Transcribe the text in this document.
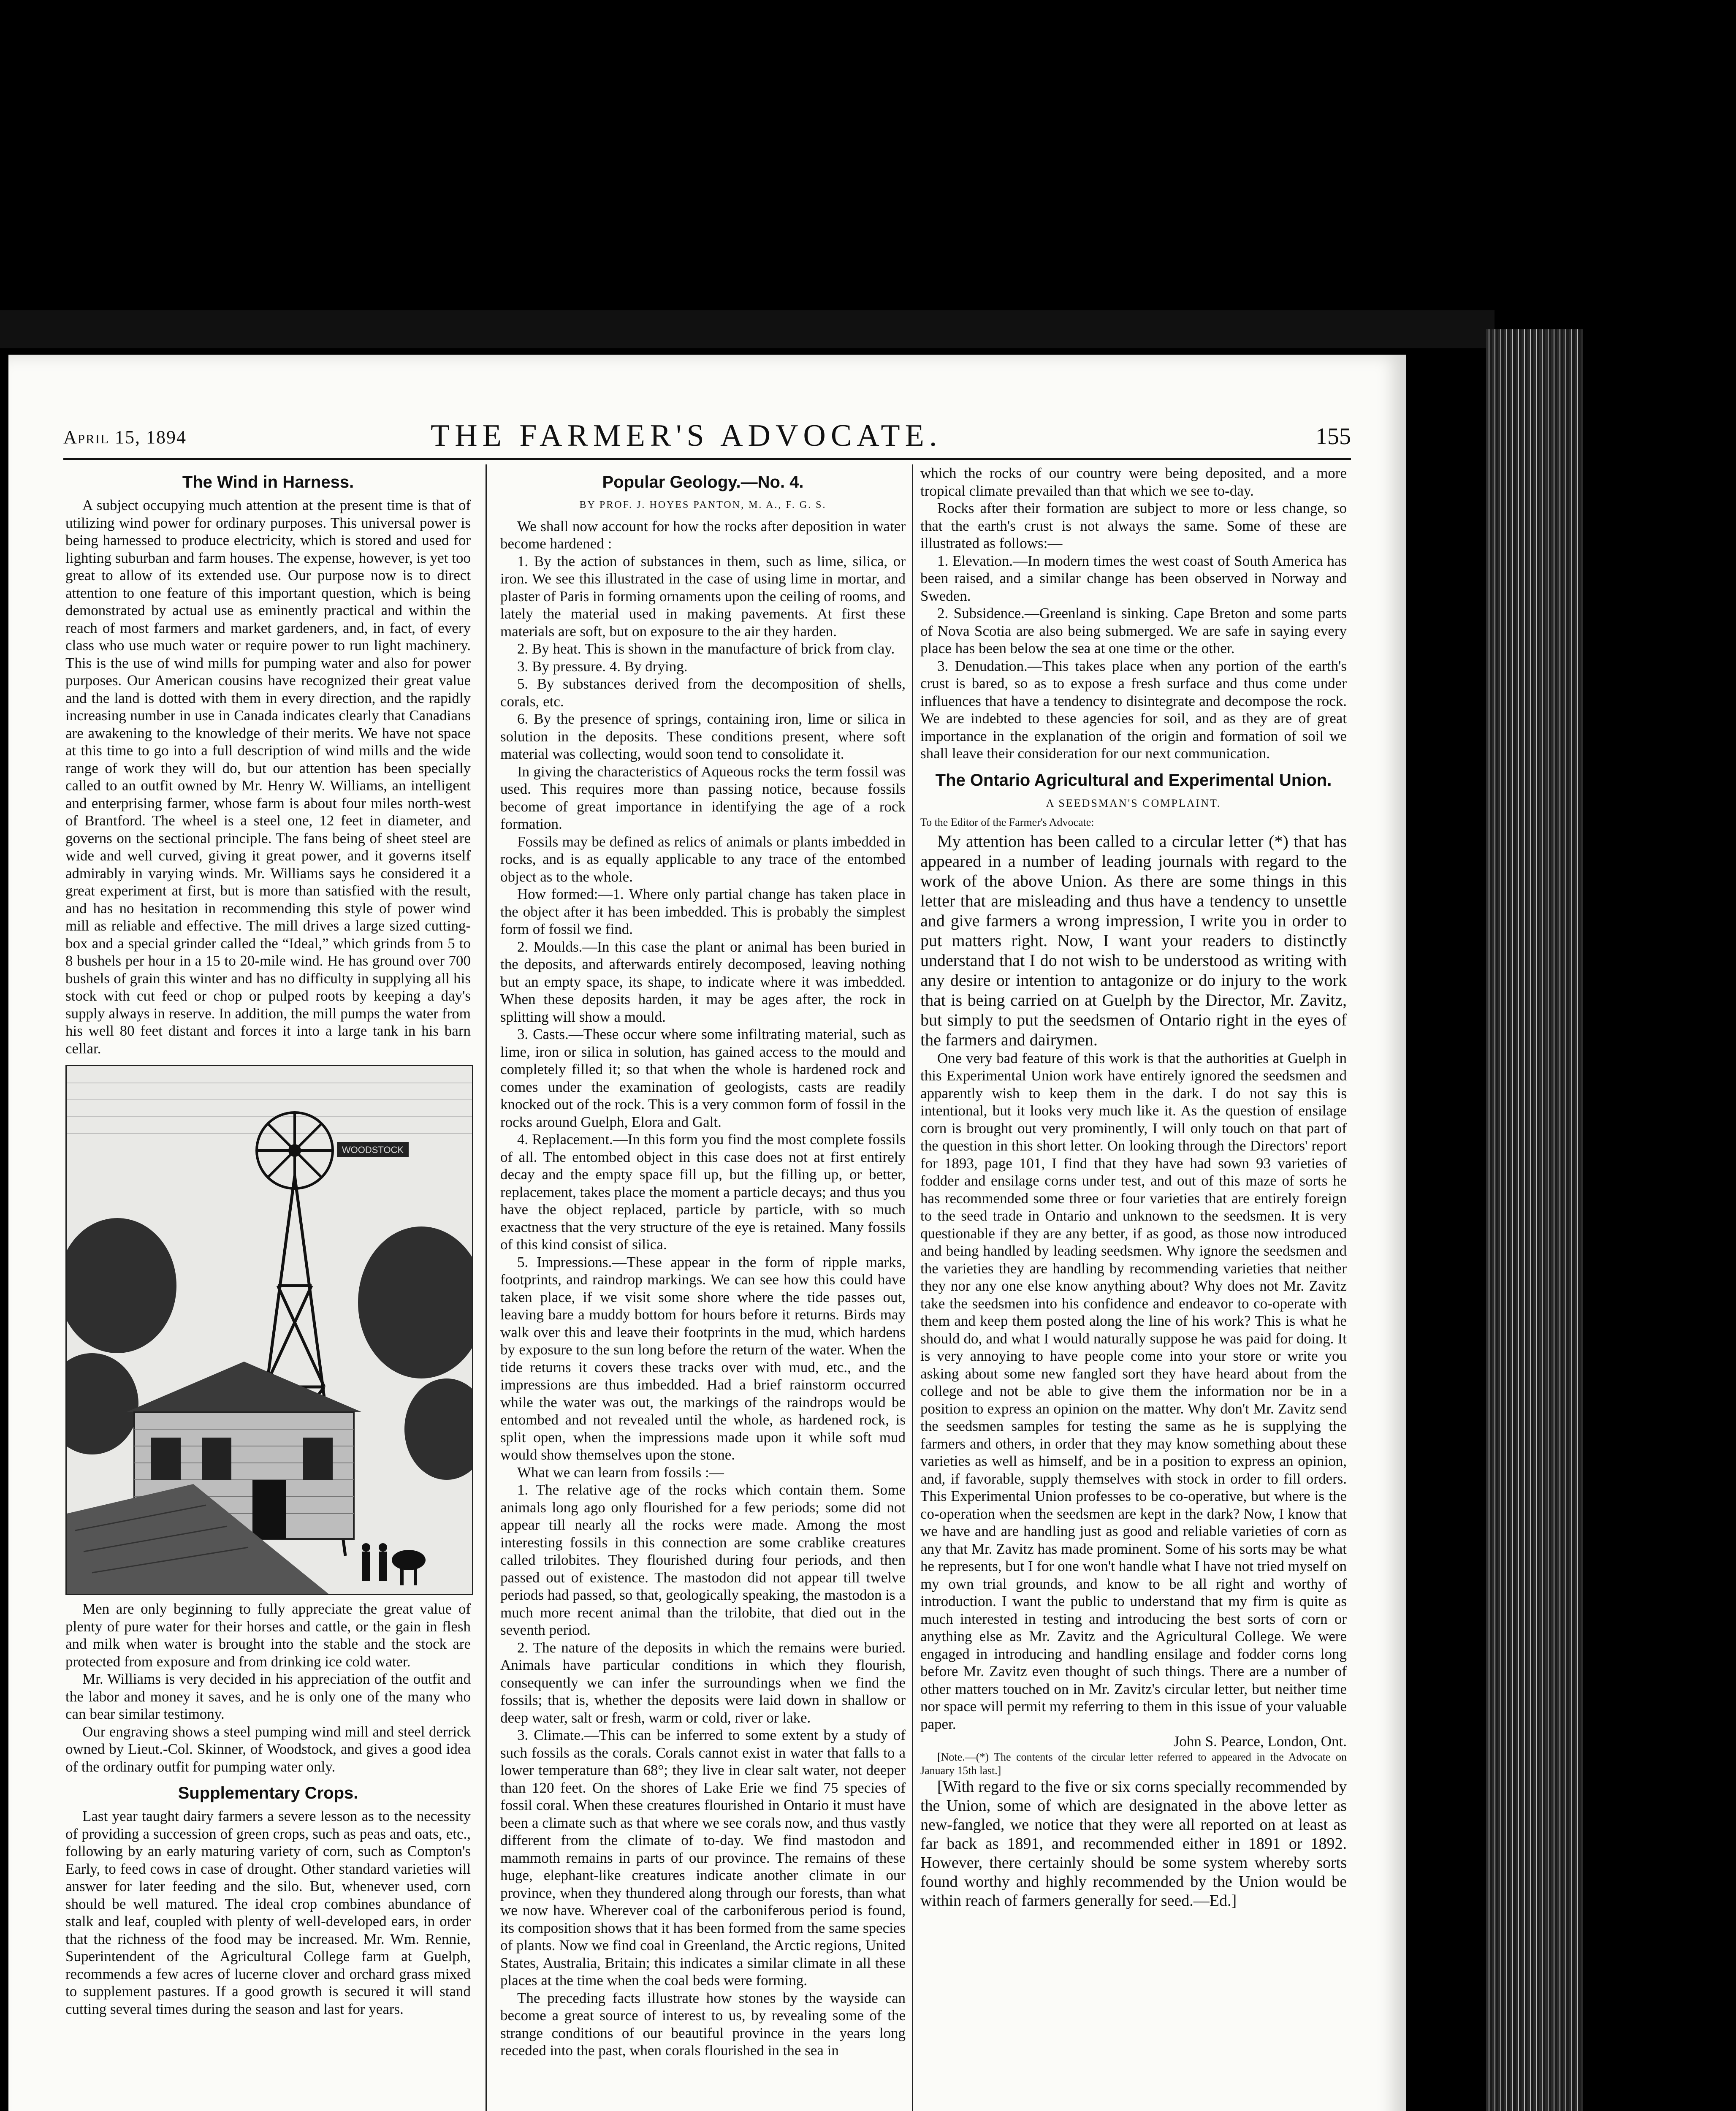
April 15, 1894	THE FARMER'S ADVOCATE.	155
The Wind in Harness.

A subject occupying much attention at the present time is that of utilizing wind power for ordinary purposes. This universal power is being harnessed to produce electricity, which is stored and used for lighting suburban and farm houses. The expense, however, is yet too great to allow of its extended use. Our purpose now is to direct attention to one feature of this important question, which is being demonstrated by actual use as eminently practical and within the reach of most farmers and market gardeners, and, in fact, of every class who use much water or require power to run light machinery. This is the use of wind mills for pumping water and also for power purposes. Our American cousins have recognized their great value and the land is dotted with them in every direction, and the rapidly increasing number in use in Canada indicates clearly that Canadians are awakening to the knowledge of their merits. We have not space at this time to go into a full description of wind mills and the wide range of work they will do, but our attention has been specially called to an outfit owned by Mr. Henry W. Williams, an intelligent and enterprising farmer, whose farm is about four miles north-west of Brantford. The wheel is a steel one, 12 feet in diameter, and governs on the sectional principle. The fans being of sheet steel are wide and well curved, giving it great power, and it governs itself admirably in varying winds. Mr. Williams says he considered it a great experiment at first, but is more than satisfied with the result, and has no hesitation in recommending this style of power wind mill as reliable and effective. The mill drives a large sized cutting-box and a special grinder called the “Ideal,” which grinds from 5 to 8 bushels per hour in a 15 to 20-mile wind. He has ground over 700 bushels of grain this winter and has no difficulty in supplying all his stock with cut feed or chop or pulped roots by keeping a day's supply always in reserve. In addition, the mill pumps the water from his well 80 feet distant and forces it into a large tank in his barn cellar.

WOODSTOCK

Men are only beginning to fully appreciate the great value of plenty of pure water for their horses and cattle, or the gain in flesh and milk when water is brought into the stable and the stock are protected from exposure and from drinking ice cold water.

Mr. Williams is very decided in his appreciation of the outfit and the labor and money it saves, and he is only one of the many who can bear similar testimony.

Our engraving shows a steel pumping wind mill and steel derrick owned by Lieut.-Col. Skinner, of Woodstock, and gives a good idea of the ordinary outfit for pumping water only.

Supplementary Crops.

Last year taught dairy farmers a severe lesson as to the necessity of providing a succession of green crops, such as peas and oats, etc., following by an early maturing variety of corn, such as Compton's Early, to feed cows in case of drought. Other standard varieties will answer for later feeding and the silo. But, whenever used, corn should be well matured. The ideal crop combines abundance of stalk and leaf, coupled with plenty of well-developed ears, in order that the richness of the food may be increased. Mr. Wm. Rennie, Superintendent of the Agricultural College farm at Guelph, recommends a few acres of lucerne clover and orchard grass mixed to supplement pastures. If a good growth is secured it will stand cutting several times during the season and last for years.

Popular Geology.—No. 4.
BY PROF. J. HOYES PANTON, M. A., F. G. S.

We shall now account for how the rocks after deposition in water become hardened :

1. By the action of substances in them, such as lime, silica, or iron. We see this illustrated in the case of using lime in mortar, and plaster of Paris in forming ornaments upon the ceiling of rooms, and lately the material used in making pavements. At first these materials are soft, but on exposure to the air they harden.

2. By heat. This is shown in the manufacture of brick from clay.

3. By pressure. 4. By drying.

5. By substances derived from the decomposition of shells, corals, etc.

6. By the presence of springs, containing iron, lime or silica in solution in the deposits. These conditions present, where soft material was collecting, would soon tend to consolidate it.

In giving the characteristics of Aqueous rocks the term fossil was used. This requires more than passing notice, because fossils become of great importance in identifying the age of a rock formation.

Fossils may be defined as relics of animals or plants imbedded in rocks, and is as equally applicable to any trace of the entombed object as to the whole.

How formed:—1. Where only partial change has taken place in the object after it has been imbedded. This is probably the simplest form of fossil we find.

2. Moulds.—In this case the plant or animal has been buried in the deposits, and afterwards entirely decomposed, leaving nothing but an empty space, its shape, to indicate where it was imbedded. When these deposits harden, it may be ages after, the rock in splitting will show a mould.

3. Casts.—These occur where some infiltrating material, such as lime, iron or silica in solution, has gained access to the mould and completely filled it; so that when the whole is hardened rock and comes under the examination of geologists, casts are readily knocked out of the rock. This is a very common form of fossil in the rocks around Guelph, Elora and Galt.

4. Replacement.—In this form you find the most complete fossils of all. The entombed object in this case does not at first entirely decay and the empty space fill up, but the filling up, or better, replacement, takes place the moment a particle decays; and thus you have the object replaced, particle by particle, with so much exactness that the very structure of the eye is retained. Many fossils of this kind consist of silica.

5. Impressions.—These appear in the form of ripple marks, footprints, and raindrop markings. We can see how this could have taken place, if we visit some shore where the tide passes out, leaving bare a muddy bottom for hours before it returns. Birds may walk over this and leave their footprints in the mud, which hardens by exposure to the sun long before the return of the water. When the tide returns it covers these tracks over with mud, etc., and the impressions are thus imbedded. Had a brief rainstorm occurred while the water was out, the markings of the raindrops would be entombed and not revealed until the whole, as hardened rock, is split open, when the impressions made upon it while soft mud would show themselves upon the stone.

What we can learn from fossils :—

1. The relative age of the rocks which contain them. Some animals long ago only flourished for a few periods; some did not appear till nearly all the rocks were made. Among the most interesting fossils in this connection are some crablike creatures called trilobites. They flourished during four periods, and then passed out of existence. The mastodon did not appear till twelve periods had passed, so that, geologically speaking, the mastodon is a much more recent animal than the trilobite, that died out in the seventh period.

2. The nature of the deposits in which the remains were buried. Animals have particular conditions in which they flourish, consequently we can infer the surroundings when we find the fossils; that is, whether the deposits were laid down in shallow or deep water, salt or fresh, warm or cold, river or lake.

3. Climate.—This can be inferred to some extent by a study of such fossils as the corals. Corals cannot exist in water that falls to a lower temperature than 68°; they live in clear salt water, not deeper than 120 feet. On the shores of Lake Erie we find 75 species of fossil coral. When these creatures flourished in Ontario it must have been a climate such as that where we see corals now, and thus vastly different from the climate of to-day. We find mastodon and mammoth remains in parts of our province. The remains of these huge, elephant-like creatures indicate another climate in our province, when they thundered along through our forests, than what we now have. Wherever coal of the carboniferous period is found, its composition shows that it has been formed from the same species of plants. Now we find coal in Greenland, the Arctic regions, United States, Australia, Britain; this indicates a similar climate in all these places at the time when the coal beds were forming.

The preceding facts illustrate how stones by the wayside can become a great source of interest to us, by revealing some of the strange conditions of our beautiful province in the years long receded into the past, when corals flourished in the sea in

which the rocks of our country were being deposited, and a more tropical climate prevailed than that which we see to-day.

Rocks after their formation are subject to more or less change, so that the earth's crust is not always the same. Some of these are illustrated as follows:—

1. Elevation.—In modern times the west coast of South America has been raised, and a similar change has been observed in Norway and Sweden.

2. Subsidence.—Greenland is sinking. Cape Breton and some parts of Nova Scotia are also being submerged. We are safe in saying every place has been below the sea at one time or the other.

3. Denudation.—This takes place when any portion of the earth's crust is bared, so as to expose a fresh surface and thus come under influences that have a tendency to disintegrate and decompose the rock. We are indebted to these agencies for soil, and as they are of great importance in the explanation of the origin and formation of soil we shall leave their consideration for our next communication.

The Ontario Agricultural and Experimental Union.
A SEEDSMAN'S COMPLAINT.

To the Editor of the Farmer's Advocate:

My attention has been called to a circular letter (*) that has appeared in a number of leading journals with regard to the work of the above Union. As there are some things in this letter that are misleading and thus have a tendency to unsettle and give farmers a wrong impression, I write you in order to put matters right. Now, I want your readers to distinctly understand that I do not wish to be understood as writing with any desire or intention to antagonize or do injury to the work that is being carried on at Guelph by the Director, Mr. Zavitz, but simply to put the seedsmen of Ontario right in the eyes of the farmers and dairymen.

One very bad feature of this work is that the authorities at Guelph in this Experimental Union work have entirely ignored the seedsmen and apparently wish to keep them in the dark. I do not say this is intentional, but it looks very much like it. As the question of ensilage corn is brought out very prominently, I will only touch on that part of the question in this short letter. On looking through the Directors' report for 1893, page 101, I find that they have had sown 93 varieties of fodder and ensilage corns under test, and out of this maze of sorts he has recommended some three or four varieties that are entirely foreign to the seed trade in Ontario and unknown to the seedsmen. It is very questionable if they are any better, if as good, as those now introduced and being handled by leading seedsmen. Why ignore the seedsmen and the varieties they are handling by recommending varieties that neither they nor any one else know anything about? Why does not Mr. Zavitz take the seedsmen into his confidence and endeavor to co-operate with them and keep them posted along the line of his work? This is what he should do, and what I would naturally suppose he was paid for doing. It is very annoying to have people come into your store or write you asking about some new fangled sort they have heard about from the college and not be able to give them the information nor be in a position to express an opinion on the matter. Why don't Mr. Zavitz send the seedsmen samples for testing the same as he is supplying the farmers and others, in order that they may know something about these varieties as well as himself, and be in a position to express an opinion, and, if favorable, supply themselves with stock in order to fill orders. This Experimental Union professes to be co-operative, but where is the co-operation when the seedsmen are kept in the dark? Now, I know that we have and are handling just as good and reliable varieties of corn as any that Mr. Zavitz has made prominent. Some of his sorts may be what he represents, but I for one won't handle what I have not tried myself on my own trial grounds, and know to be all right and worthy of introduction. I want the public to understand that my firm is quite as much interested in testing and introducing the best sorts of corn or anything else as Mr. Zavitz and the Agricultural College. We were engaged in introducing and handling ensilage and fodder corns long before Mr. Zavitz even thought of such things. There are a number of other matters touched on in Mr. Zavitz's circular letter, but neither time nor space will permit my referring to them in this issue of your valuable paper.

John S. Pearce, London, Ont.

[Note.—(*) The contents of the circular letter referred to appeared in the Advocate on January 15th last.]

[With regard to the five or six corns specially recommended by the Union, some of which are designated in the above letter as new-fangled, we notice that they were all reported on at least as far back as 1891, and recommended either in 1891 or 1892. However, there certainly should be some system whereby sorts found worthy and highly recommended by the Union would be within reach of farmers generally for seed.—Ed.]
